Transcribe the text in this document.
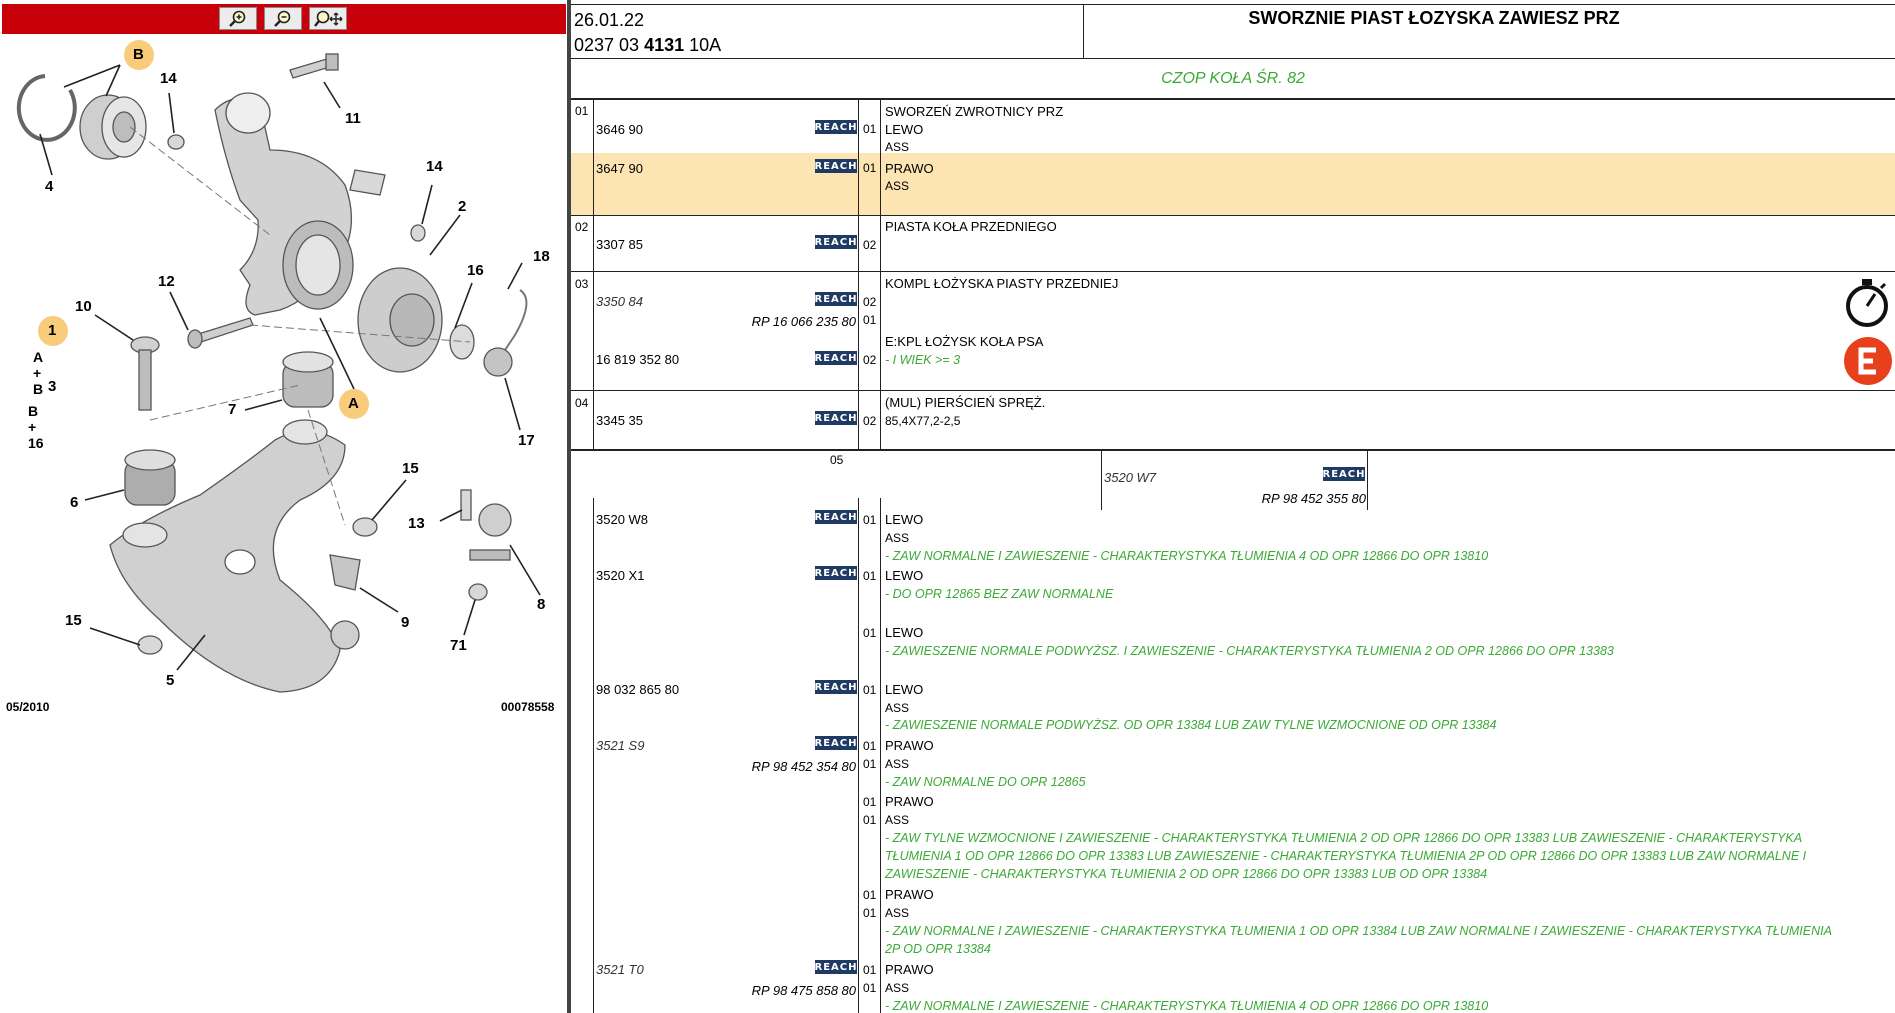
B
14
11
4
14
2
12
16
18
10
1
A + B 3
B + 16
A
7
17
6
15
13
8
9
15
5
71
05/2010	00078558
26.01.22
0237 03 4131 10A
SWORZNIE PIAST ŁOZYSKA ZAWIESZ PRZ
CZOP KOŁA ŚR. 82
01	SWORZEŃ ZWROTNICY PRZ
3646 90	REACH 01 LEWO
ASS
3647 90	REACH 01 PRAWO
ASS
02	PIASTA KOŁA PRZEDNIEGO
3307 85	REACH 02
03	KOMPL ŁOŻYSKA PIASTY PRZEDNIEJ
3350 84	REACH 02
RP 16 066 235 80 01
E:KPL ŁOŻYSK KOŁA PSA
16 819 352 80	REACH 02 - I WIEK >= 3
04	(MUL) PIERŚCIEŃ SPRĘŻ.
3345 35	REACH 02 85,4X77,2-2,5
05
3520 W7	REACH
RP 98 452 355 80
3520 W8	REACH 01 LEWO
ASS
- ZAW NORMALNE I ZAWIESZENIE - CHARAKTERYSTYKA TŁUMIENIA 4 OD OPR 12866 DO OPR 13810
3520 X1	REACH 01 LEWO
- DO OPR 12865 BEZ ZAW NORMALNE
01 LEWO
- ZAWIESZENIE NORMALE PODWYŻSZ. I ZAWIESZENIE - CHARAKTERYSTYKA TŁUMIENIA 2 OD OPR 12866 DO OPR 13383
98 032 865 80	REACH 01 LEWO
ASS
- ZAWIESZENIE NORMALE PODWYŻSZ. OD OPR 13384 LUB ZAW TYLNE WZMOCNIONE OD OPR 13384
3521 S9	REACH 01 PRAWO
RP 98 452 354 80 01 ASS
- ZAW NORMALNE DO OPR 12865
01 PRAWO
01 ASS
- ZAW TYLNE WZMOCNIONE I ZAWIESZENIE - CHARAKTERYSTYKA TŁUMIENIA 2 OD OPR 12866 DO OPR 13383 LUB ZAWIESZENIE - CHARAKTERYSTYKA TŁUMIENIA 1 OD OPR 12866 DO OPR 13383 LUB ZAWIESZENIE - CHARAKTERYSTYKA TŁUMIENIA 2P OD OPR 12866 DO OPR 13383 LUB ZAW NORMALNE I ZAWIESZENIE - CHARAKTERYSTYKA TŁUMIENIA 2 OD OPR 12866 DO OPR 13383 LUB OD OPR 13384
01 PRAWO
01 ASS
- ZAW NORMALNE I ZAWIESZENIE - CHARAKTERYSTYKA TŁUMIENIA 1 OD OPR 13384 LUB ZAW NORMALNE I ZAWIESZENIE - CHARAKTERYSTYKA TŁUMIENIA 2P OD OPR 13384
3521 T0	REACH 01 PRAWO
RP 98 475 858 80 01 ASS
- ZAW NORMALNE I ZAWIESZENIE - CHARAKTERYSTYKA TŁUMIENIA 4 OD OPR 12866 DO OPR 13810
